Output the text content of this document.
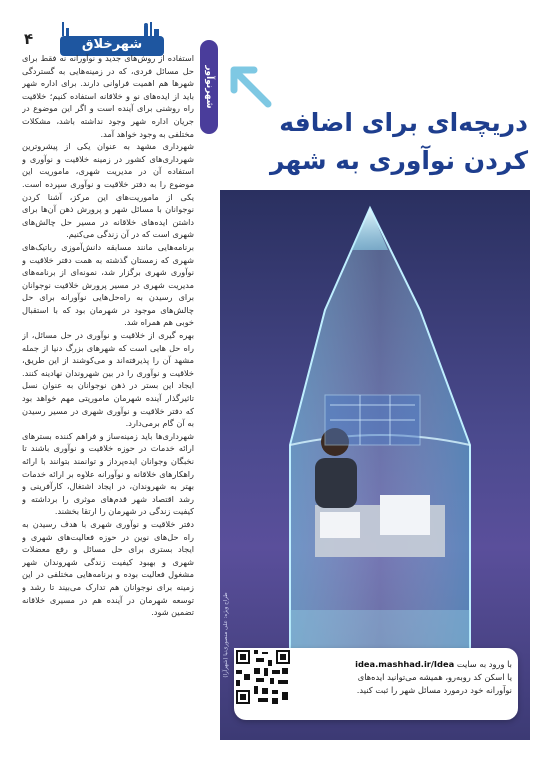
۴	شهرخلاق
دریچه‌ای برای اضافه
کردن نوآوری به شهر
شهرنوآور

استفاده از روش‌های جدید و نوآورانه نه فقط برای حل مسائل فردی، که در زمینه‌هایی به گستردگی شهرها هم اهمیت فراوانی دارند. برای اداره شهر باید از ایده‌های نو و خلاقانه استفاده کنیم؛ خلاقیت راه روشنی برای آینده است و اگر این موضوع در جریان اداره شهر وجود نداشته باشد، مشکلات مختلفی به وجود خواهد آمد.

شهرداری مشهد به عنوان یکی از پیشروترین شهرداری‌های کشور در زمینه خلاقیت و نوآوری و استفاده آن در مدیریت شهری، ماموریت این موضوع را به دفتر خلاقیت و نوآوری سپرده است. یکی از ماموریت‌های این مرکز، آشنا کردن نوجوانان با مسائل شهر و پرورش ذهن آن‌ها برای داشتن ایده‌های خلاقانه در مسیر حل چالش‌های شهری است که در آن زندگی می‌کنیم.

برنامه‌هایی مانند مسابقه دانش‌آموزی رباتیک‌های شهری که زمستان گذشته به همت دفتر خلاقیت و نوآوری شهری برگزار شد، نمونه‌ای از برنامه‌های مدیریت شهری در مسیر پرورش خلاقیت نوجوانان برای رسیدن به راه‌حل‌هایی نوآورانه برای حل چالش‌های موجود در شهرمان بود که با استقبال خوبی هم همراه شد.

بهره گیری از خلاقیت و نوآوری در حل مسائل، از راه حل هایی است که شهرهای بزرگ دنیا از جمله مشهد آن را پذیرفته‌اند و می‌کوشند از این طریق، خلاقیت و نوآوری را در بین شهروندان نهادینه کنند. ایجاد این بستر در ذهن نوجوانان به عنوان نسل تاثیرگذار آینده شهرمان ماموریتی مهم خواهد بود که دفتر خلاقیت و نوآوری شهری در مسیر رسیدن به آن گام برمی‌دارد.

شهرداری‌ها باید زمینه‌ساز و فراهم کننده بسترهای ارائه خدمات در حوزه خلاقیت و نوآوری باشند تا نخبگان وجوانان ایده‌پرداز و توانمند بتوانند با ارائه راهکارهای خلاقانه و نوآورانه علاوه بر ارائه خدمات بهتر به شهروندان، در ایجاد اشتغال، کارآفرینی و رشد اقتصاد شهر قدم‌های موثری را برداشته و کیفیت زندگی در شهرمان را ارتقا بخشند.

دفتر خلاقیت و نوآوری شهری با هدف رسیدن به راه حل‌های نوین در حوزه فعالیت‌های شهری و ایجاد بستری برای حل مسائل و رفع معضلات شهری و بهبود کیفیت زندگی شهروندان شهر مشغول فعالیت بوده و برنامه‌هایی مختلفی در این زمینه برای نوجوانان هم تدارک می‌بیند تا رشد و توسعه شهرمان در آینده هم در مسیری خلاقانه تضمین شود.	طراح ویژه: علی منصوری‌نیا (شهرآرا)	با ورود به سایت idea.mashhad.ir/Idea
یا اسکن کد روبه‌رو، همیشه می‌توانید ایده‌های
نوآورانه خود درمورد مسائل شهر را ثبت کنید.
